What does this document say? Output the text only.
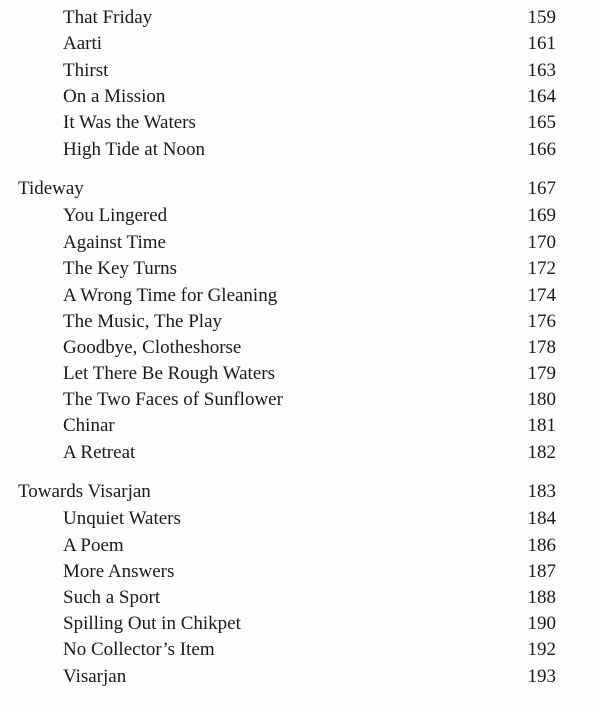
That Friday	159
Aarti	161
Thirst	163
On a Mission	164
It Was the Waters	165
High Tide at Noon	166
Tideway	167
You Lingered	169
Against Time	170
The Key Turns	172
A Wrong Time for Gleaning	174
The Music, The Play	176
Goodbye, Clotheshorse	178
Let There Be Rough Waters	179
The Two Faces of Sunflower	180
Chinar	181
A Retreat	182
Towards Visarjan	183
Unquiet Waters	184
A Poem	186
More Answers	187
Such a Sport	188
Spilling Out in Chikpet	190
No Collector’s Item	192
Visarjan	193
